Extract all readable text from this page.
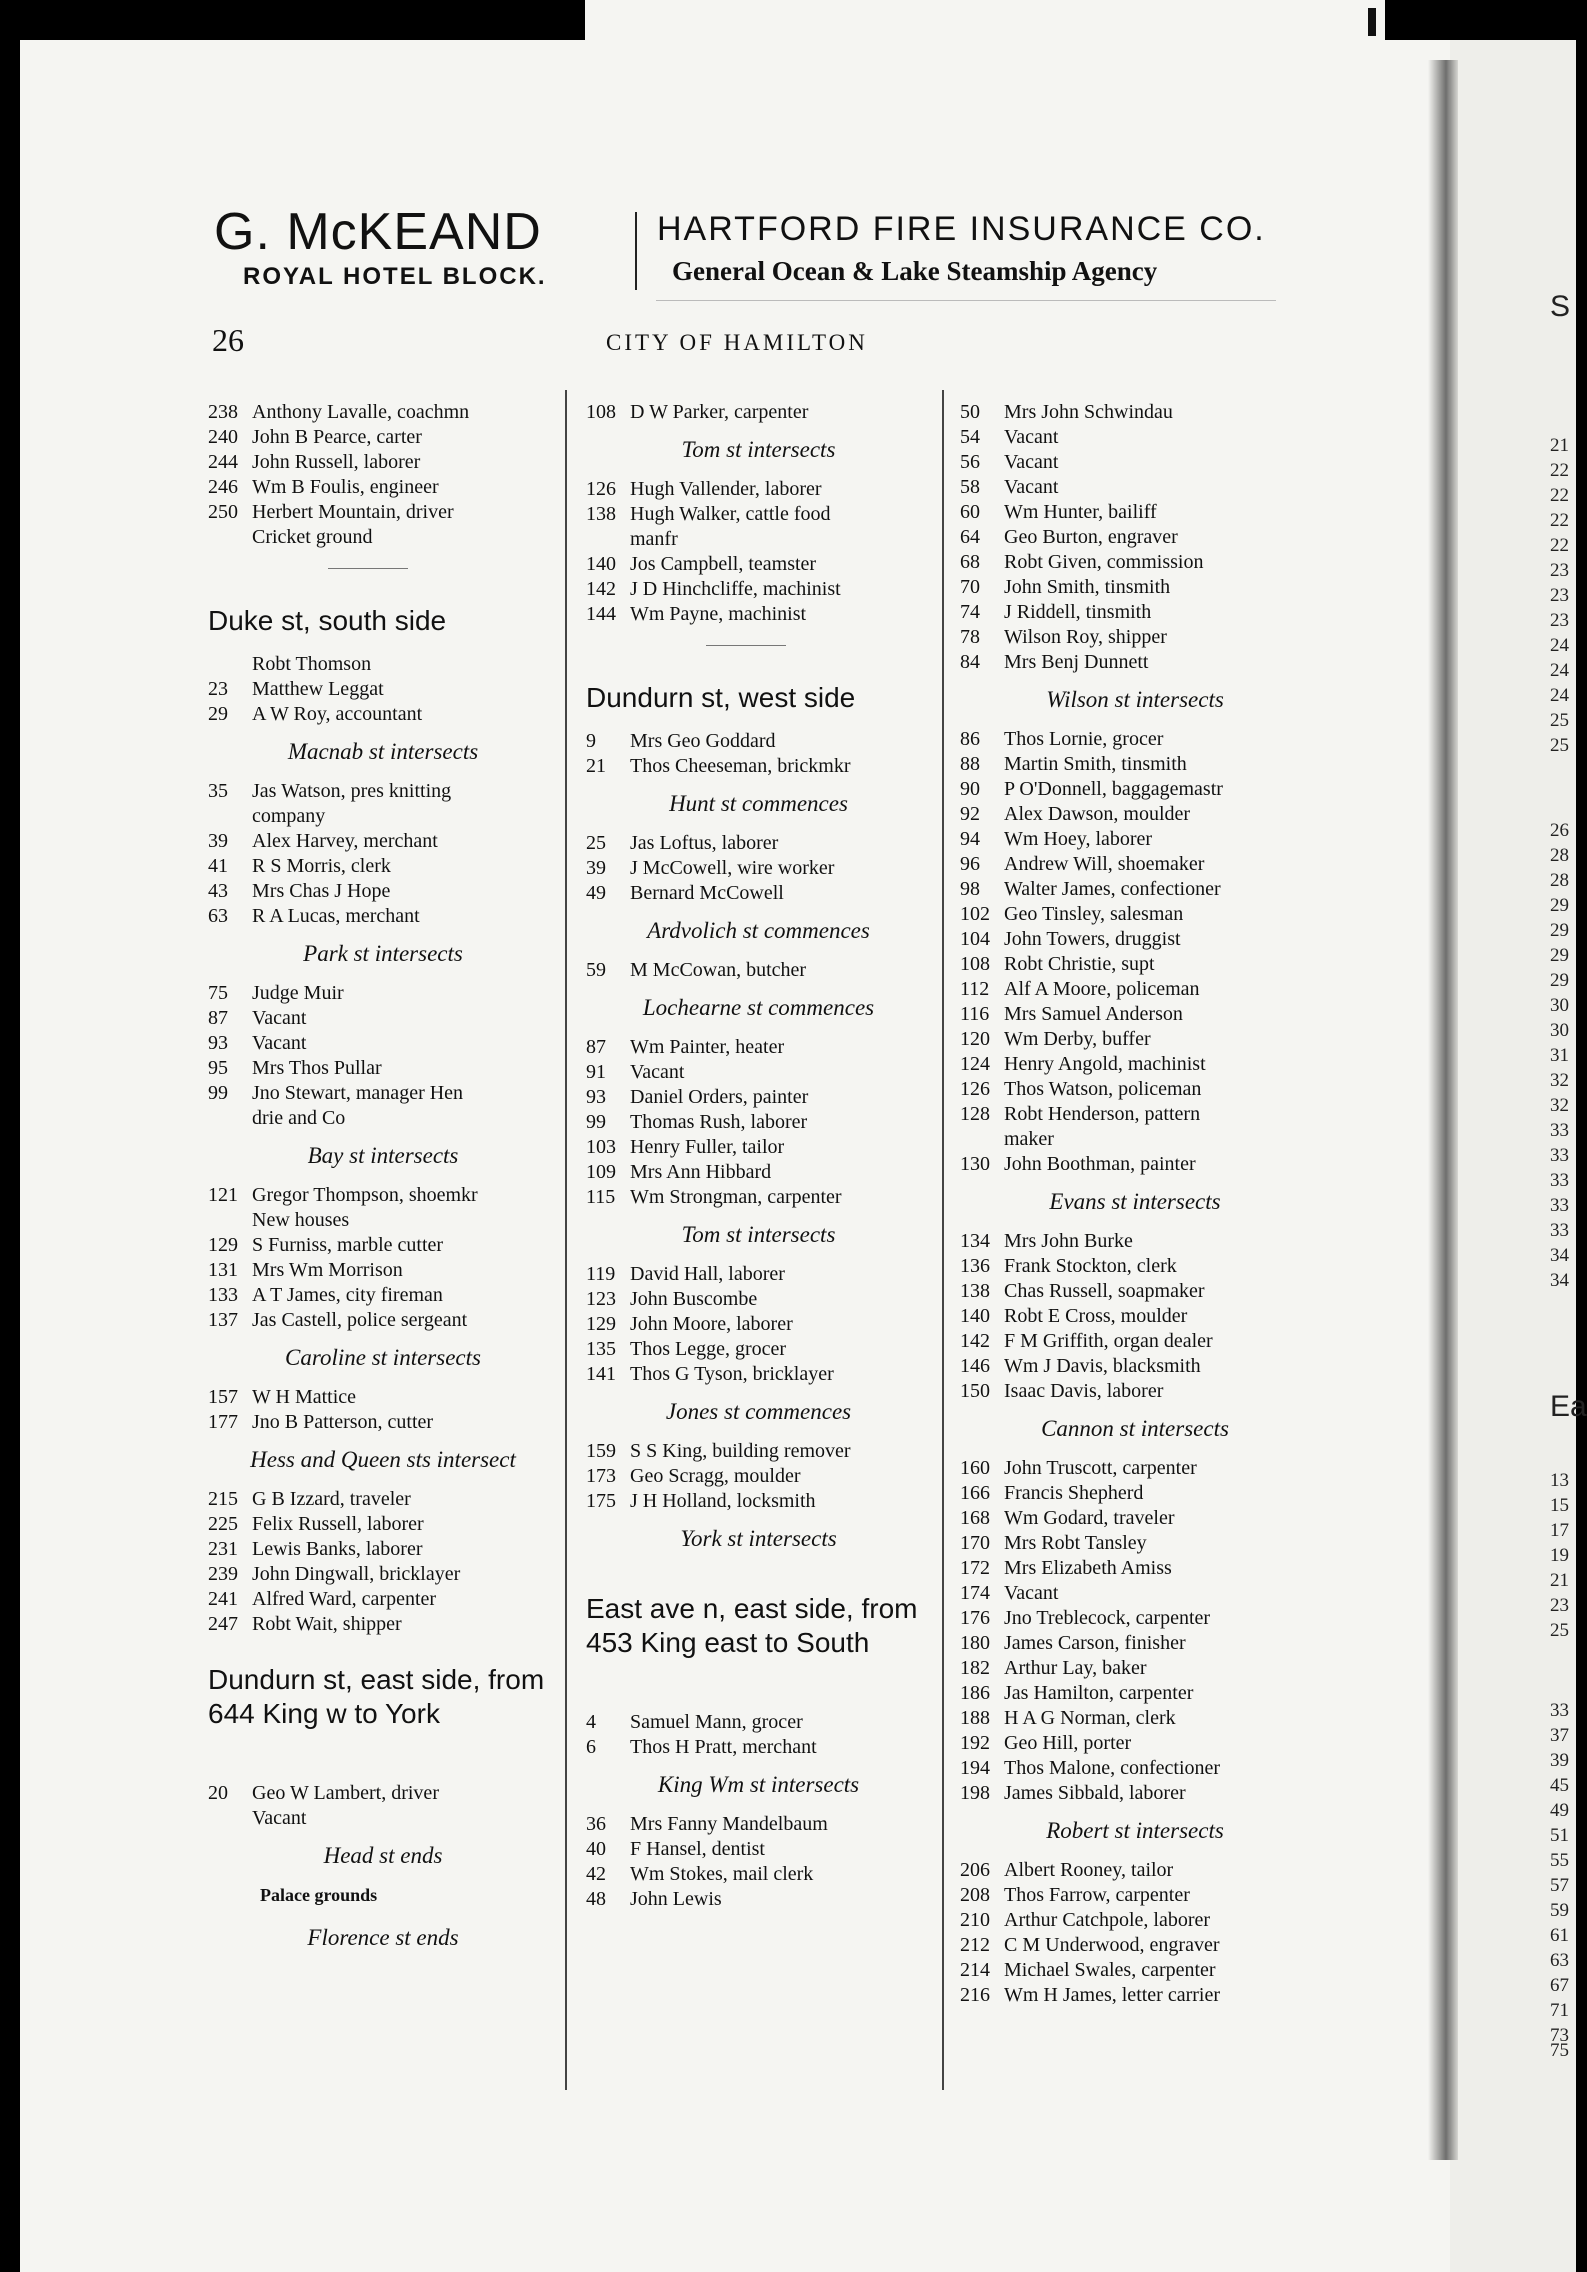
S
21
22
22
22
22
23
23
23
24
24
24
25
25
26
28
28
29
29
29
29
30
30
31
32
32
33
33
33
33
33
34
34
Ea
13
15
17
19
21
23
25
33
37
39
45
49
51
55
57
59
61
63
67
71
73
75
G. McKEAND
ROYAL HOTEL BLOCK.
HARTFORD FIRE INSURANCE CO.
General Ocean & Lake Steamship Agency
26	CITY OF HAMILTON
238 Anthony Lavalle, coachmn
240 John B Pearce, carter
244 John Russell, laborer
246 Wm B Foulis, engineer
250 Herbert Mountain, driver
Cricket ground
Duke st, south side
Robt Thomson
23 Matthew Leggat
29 A W Roy, accountant
Macnab st intersects
35 Jas Watson, pres knitting
company
39 Alex Harvey, merchant
41 R S Morris, clerk
43 Mrs Chas J Hope
63 R A Lucas, merchant
Park st intersects
75 Judge Muir
87 Vacant
93 Vacant
95 Mrs Thos Pullar
99 Jno Stewart, manager Hen
drie and Co
Bay st intersects
121 Gregor Thompson, shoemkr
New houses
129 S Furniss, marble cutter
131 Mrs Wm Morrison
133 A T James, city fireman
137 Jas Castell, police sergeant
Caroline st intersects
157 W H Mattice
177 Jno B Patterson, cutter
Hess and Queen sts intersect
215 G B Izzard, traveler
225 Felix Russell, laborer
231 Lewis Banks, laborer
239 John Dingwall, bricklayer
241 Alfred Ward, carpenter
247 Robt Wait, shipper
Dundurn st, east side, from 644 King w to York
20 Geo W Lambert, driver
Vacant
Head st ends
Palace grounds
Florence st ends
108 D W Parker, carpenter
Tom st intersects
126 Hugh Vallender, laborer
138 Hugh Walker, cattle food
manfr
140 Jos Campbell, teamster
142 J D Hinchcliffe, machinist
144 Wm Payne, machinist
Dundurn st, west side
9 Mrs Geo Goddard
21 Thos Cheeseman, brickmkr
Hunt st commences
25 Jas Loftus, laborer
39 J McCowell, wire worker
49 Bernard McCowell
Ardvolich st commences
59 M McCowan, butcher
Lochearne st commences
87 Wm Painter, heater
91 Vacant
93 Daniel Orders, painter
99 Thomas Rush, laborer
103 Henry Fuller, tailor
109 Mrs Ann Hibbard
115 Wm Strongman, carpenter
Tom st intersects
119 David Hall, laborer
123 John Buscombe
129 John Moore, laborer
135 Thos Legge, grocer
141 Thos G Tyson, bricklayer
Jones st commences
159 S S King, building remover
173 Geo Scragg, moulder
175 J H Holland, locksmith
York st intersects
East ave n, east side, from 453 King east to South
4 Samuel Mann, grocer
6 Thos H Pratt, merchant
King Wm st intersects
36 Mrs Fanny Mandelbaum
40 F Hansel, dentist
42 Wm Stokes, mail clerk
48 John Lewis
50 Mrs John Schwindau
54 Vacant
56 Vacant
58 Vacant
60 Wm Hunter, bailiff
64 Geo Burton, engraver
68 Robt Given, commission
70 John Smith, tinsmith
74 J Riddell, tinsmith
78 Wilson Roy, shipper
84 Mrs Benj Dunnett
Wilson st intersects
86 Thos Lornie, grocer
88 Martin Smith, tinsmith
90 P O'Donnell, baggagemastr
92 Alex Dawson, moulder
94 Wm Hoey, laborer
96 Andrew Will, shoemaker
98 Walter James, confectioner
102 Geo Tinsley, salesman
104 John Towers, druggist
108 Robt Christie, supt
112 Alf A Moore, policeman
116 Mrs Samuel Anderson
120 Wm Derby, buffer
124 Henry Angold, machinist
126 Thos Watson, policeman
128 Robt Henderson, pattern
maker
130 John Boothman, painter
Evans st intersects
134 Mrs John Burke
136 Frank Stockton, clerk
138 Chas Russell, soapmaker
140 Robt E Cross, moulder
142 F M Griffith, organ dealer
146 Wm J Davis, blacksmith
150 Isaac Davis, laborer
Cannon st intersects
160 John Truscott, carpenter
166 Francis Shepherd
168 Wm Godard, traveler
170 Mrs Robt Tansley
172 Mrs Elizabeth Amiss
174 Vacant
176 Jno Treblecock, carpenter
180 James Carson, finisher
182 Arthur Lay, baker
186 Jas Hamilton, carpenter
188 H A G Norman, clerk
192 Geo Hill, porter
194 Thos Malone, confectioner
198 James Sibbald, laborer
Robert st intersects
206 Albert Rooney, tailor
208 Thos Farrow, carpenter
210 Arthur Catchpole, laborer
212 C M Underwood, engraver
214 Michael Swales, carpenter
216 Wm H James, letter carrier
